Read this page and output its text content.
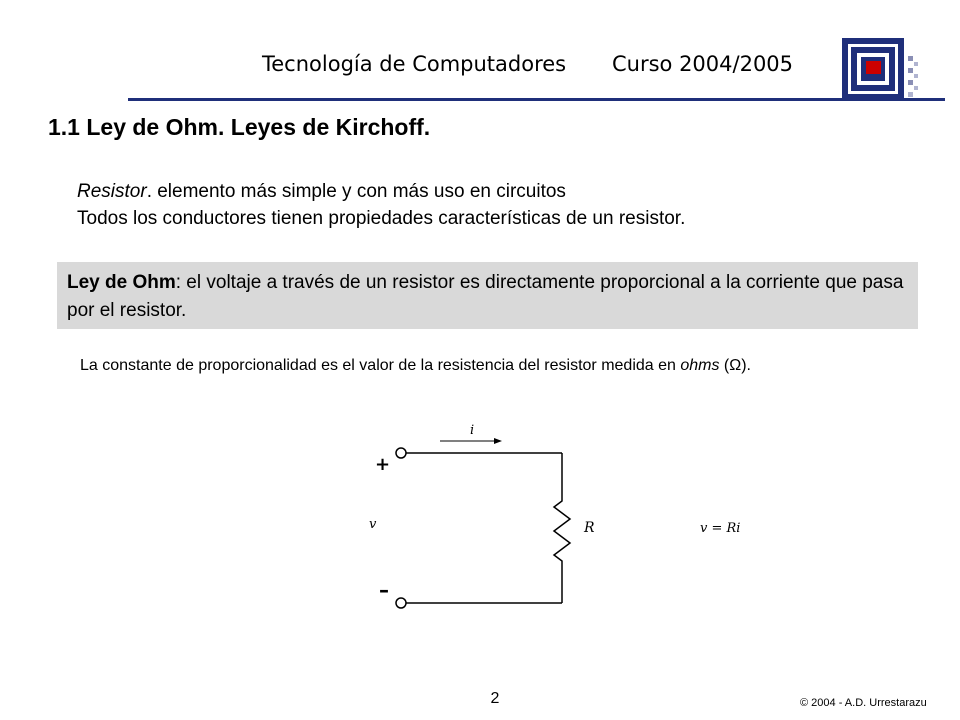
Tecnología de Computadores Curso 2004/2005
1.1 Ley de Ohm. Leyes de Kirchoff.
Resistor. elemento más simple y con más uso en circuitos
Todos los conductores tienen propiedades características de un resistor.
Ley de Ohm: el voltaje a través de un resistor es directamente proporcional a la corriente que pasa por el resistor.
La constante de proporcionalidad es el valor de la resistencia del resistor medida en ohms (Ω).
i
+
–
v	R	v = Ri
2	© 2004 - A.D. Urrestarazu
